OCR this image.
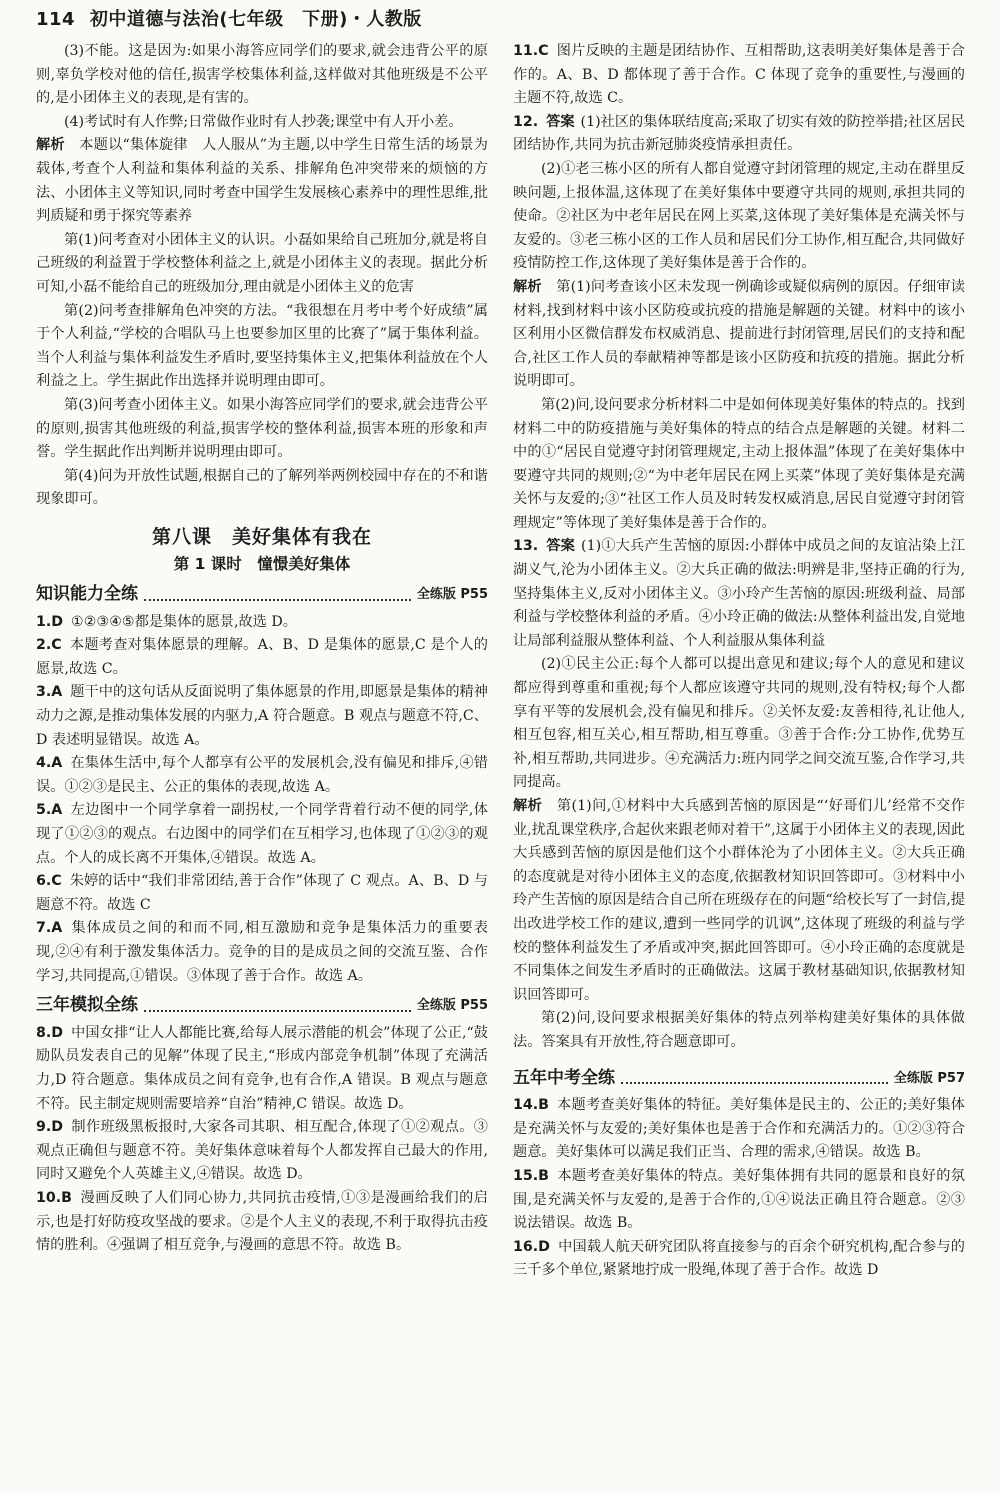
114 初中道德与法治(七年级　下册)・人教版

(3)不能。这是因为:如果小海答应同学们的要求,就会违背公平的原则,辜负学校对他的信任,损害学校集体利益,这样做对其他班级是不公平的,是小团体主义的表现,是有害的。

(4)考试时有人作弊;日常做作业时有人抄袭;课堂中有人开小差。

解析　 本题以“集体旋律　人人服从”为主题,以中学生日常生活的场景为载体,考查个人利益和集体利益的关系、排解角色冲突带来的烦恼的方法、小团体主义等知识,同时考查中国学生发展核心素养中的理性思维,批判质疑和勇于探究等素养

第(1)问考查对小团体主义的认识。小磊如果给自己班加分,就是将自己班级的利益置于学校整体利益之上,就是小团体主义的表现。据此分析可知,小磊不能给自己的班级加分,理由就是小团体主义的危害

第(2)问考查排解角色冲突的方法。“我很想在月考中考个好成绩”属于个人利益,“学校的合唱队马上也要参加区里的比赛了”属于集体利益。当个人利益与集体利益发生矛盾时,要坚持集体主义,把集体利益放在个人利益之上。学生据此作出选择并说明理由即可。

第(3)问考查小团体主义。如果小海答应同学们的要求,就会违背公平的原则,损害其他班级的利益,损害学校的整体利益,损害本班的形象和声誉。学生据此作出判断并说明理由即可。

第(4)问为开放性试题,根据自己的了解列举两例校园中存在的不和谐现象即可。

第八课　美好集体有我在
第 1 课时　憧憬美好集体
知识能力全练	全练版 P55

1.D ①②③④⑤都是集体的愿景,故选 D。

2.C 本题考查对集体愿景的理解。A、B、D 是集体的愿景,C 是个人的愿景,故选 C。

3.A 题干中的这句话从反面说明了集体愿景的作用,即愿景是集体的精神动力之源,是推动集体发展的内驱力,A 符合题意。B 观点与题意不符,C、D 表述明显错误。故选 A。

4.A 在集体生活中,每个人都享有公平的发展机会,没有偏见和排斥,④错误。①②③是民主、公正的集体的表现,故选 A。

5.A 左边图中一个同学拿着一副拐杖,一个同学背着行动不便的同学,体现了①②③的观点。右边图中的同学们在互相学习,也体现了①②③的观点。个人的成长离不开集体,④错误。故选 A。

6.C 朱婷的话中“我们非常团结,善于合作”体现了 C 观点。A、B、D 与题意不符。故选 C

7.A 集体成员之间的和而不同,相互激励和竞争是集体活力的重要表现,②④有利于激发集体活力。竞争的目的是成员之间的交流互鉴、合作学习,共同提高,①错误。③体现了善于合作。故选 A。

三年模拟全练	全练版 P55

8.D 中国女排“让人人都能比赛,给每人展示潜能的机会”体现了公正,“鼓励队员发表自己的见解”体现了民主,“形成内部竞争机制”体现了充满活力,D 符合题意。集体成员之间有竞争,也有合作,A 错误。B 观点与题意不符。民主制定规则需要培养“自治”精神,C 错误。故选 D。

9.D 制作班级黑板报时,大家各司其职、相互配合,体现了①②观点。③观点正确但与题意不符。美好集体意味着每个人都发挥自己最大的作用,同时又避免个人英雄主义,④错误。故选 D。

10.B 漫画反映了人们同心协力,共同抗击疫情,①③是漫画给我们的启示,也是打好防疫攻坚战的要求。②是个人主义的表现,不利于取得抗击疫情的胜利。④强调了相互竞争,与漫画的意思不符。故选 B。

11.C 图片反映的主题是团结协作、互相帮助,这表明美好集体是善于合作的。A、B、D 都体现了善于合作。C 体现了竞争的重要性,与漫画的主题不符,故选 C。

12. 答案 (1)社区的集体联结度高;采取了切实有效的防控举措;社区居民团结协作,共同为抗击新冠肺炎疫情承担责任。

(2)①老三栋小区的所有人都自觉遵守封闭管理的规定,主动在群里反映问题,上报体温,这体现了在美好集体中要遵守共同的规则,承担共同的使命。②社区为中老年居民在网上买菜,这体现了美好集体是充满关怀与友爱的。③老三栋小区的工作人员和居民们分工协作,相互配合,共同做好疫情防控工作,这体现了美好集体是善于合作的。

解析　 第(1)问考查该小区未发现一例确诊或疑似病例的原因。仔细审读材料,找到材料中该小区防疫或抗疫的措施是解题的关键。材料中的该小区利用小区微信群发布权威消息、提前进行封闭管理,居民们的支持和配合,社区工作人员的奉献精神等都是该小区防疫和抗疫的措施。据此分析说明即可。

第(2)问,设问要求分析材料二中是如何体现美好集体的特点的。找到材料二中的防疫措施与美好集体的特点的结合点是解题的关键。材料二中的①“居民自觉遵守封闭管理规定,主动上报体温”体现了在美好集体中要遵守共同的规则;②“为中老年居民在网上买菜”体现了美好集体是充满关怀与友爱的;③“社区工作人员及时转发权威消息,居民自觉遵守封闭管理规定”等体现了美好集体是善于合作的。

13. 答案 (1)①大兵产生苦恼的原因:小群体中成员之间的友谊沾染上江湖义气,沦为小团体主义。②大兵正确的做法:明辨是非,坚持正确的行为,坚持集体主义,反对小团体主义。③小玲产生苦恼的原因:班级利益、局部利益与学校整体利益的矛盾。④小玲正确的做法:从整体利益出发,自觉地让局部利益服从整体利益、个人利益服从集体利益

(2)①民主公正:每个人都可以提出意见和建议;每个人的意见和建议都应得到尊重和重视;每个人都应该遵守共同的规则,没有特权;每个人都享有平等的发展机会,没有偏见和排斥。②关怀友爱:友善相待,礼让他人,相互包容,相互关心,相互帮助,相互尊重。③善于合作:分工协作,优势互补,相互帮助,共同进步。④充满活力:班内同学之间交流互鉴,合作学习,共同提高。

解析　 第(1)问,①材料中大兵感到苦恼的原因是“‘好哥们儿’经常不交作业,扰乱课堂秩序,合起伙来跟老师对着干”,这属于小团体主义的表现,因此大兵感到苦恼的原因是他们这个小群体沦为了小团体主义。②大兵正确的态度就是对待小团体主义的态度,依据教材知识回答即可。③材料中小玲产生苦恼的原因是结合自己所在班级存在的问题“给校长写了一封信,提出改进学校工作的建议,遭到一些同学的讥讽”,这体现了班级的利益与学校的整体利益发生了矛盾或冲突,据此回答即可。④小玲正确的态度就是不同集体之间发生矛盾时的正确做法。这属于教材基础知识,依据教材知识回答即可。

第(2)问,设问要求根据美好集体的特点列举构建美好集体的具体做法。答案具有开放性,符合题意即可。

五年中考全练	全练版 P57

14.B 本题考查美好集体的特征。美好集体是民主的、公正的;美好集体是充满关怀与友爱的;美好集体也是善于合作和充满活力的。①②③符合题意。美好集体可以满足我们正当、合理的需求,④错误。故选 B。

15.B 本题考查美好集体的特点。美好集体拥有共同的愿景和良好的氛围,是充满关怀与友爱的,是善于合作的,①④说法正确且符合题意。②③说法错误。故选 B。

16.D 中国载人航天研究团队将直接参与的百余个研究机构,配合参与的三千多个单位,紧紧地拧成一股绳,体现了善于合作。故选 D
